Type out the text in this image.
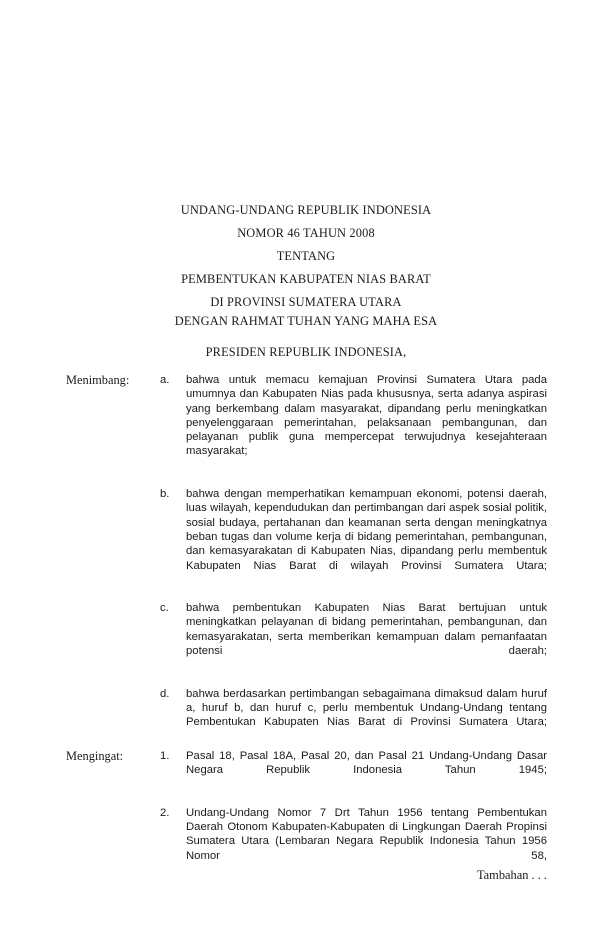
UNDANG-UNDANG REPUBLIK INDONESIA
NOMOR 46 TAHUN 2008
TENTANG
PEMBENTUKAN KABUPATEN NIAS BARAT
DI PROVINSI SUMATERA UTARA
DENGAN RAHMAT TUHAN YANG MAHA ESA
PRESIDEN REPUBLIK INDONESIA,
Menimbang:	a.	bahwa untuk memacu kemajuan Provinsi Sumatera Utara pada umumnya dan Kabupaten Nias pada khususnya, serta adanya aspirasi yang berkembang dalam masyarakat, dipandang perlu meningkatkan penyelenggaraan pemerintahan, pelaksanaan pembangunan, dan pelayanan publik guna mempercepat terwujudnya kesejahteraan masyarakat;
b.	bahwa dengan memperhatikan kemampuan ekonomi, potensi daerah, luas wilayah, kependudukan dan pertimbangan dari aspek sosial politik, sosial budaya, pertahanan dan keamanan serta dengan meningkatnya beban tugas dan volume kerja di bidang pemerintahan, pembangunan, dan kemasyarakatan di Kabupaten Nias, dipandang perlu membentuk Kabupaten Nias Barat di wilayah Provinsi Sumatera Utara;
c.	bahwa pembentukan Kabupaten Nias Barat bertujuan untuk meningkatkan pelayanan di bidang pemerintahan, pembangunan, dan kemasyarakatan, serta memberikan kemampuan dalam pemanfaatan potensi daerah;
d.	bahwa berdasarkan pertimbangan sebagaimana dimaksud dalam huruf a, huruf b, dan huruf c, perlu membentuk Undang-Undang tentang Pembentukan Kabupaten Nias Barat di Provinsi Sumatera Utara;
Mengingat:	1.	Pasal 18, Pasal 18A, Pasal 20, dan Pasal 21 Undang-Undang Dasar Negara Republik Indonesia Tahun 1945;
2.	Undang-Undang Nomor 7 Drt Tahun 1956 tentang Pembentukan Daerah Otonom Kabupaten-Kabupaten di Lingkungan Daerah Propinsi Sumatera Utara (Lembaran Negara Republik Indonesia Tahun 1956 Nomor 58,
Tambahan . . .
